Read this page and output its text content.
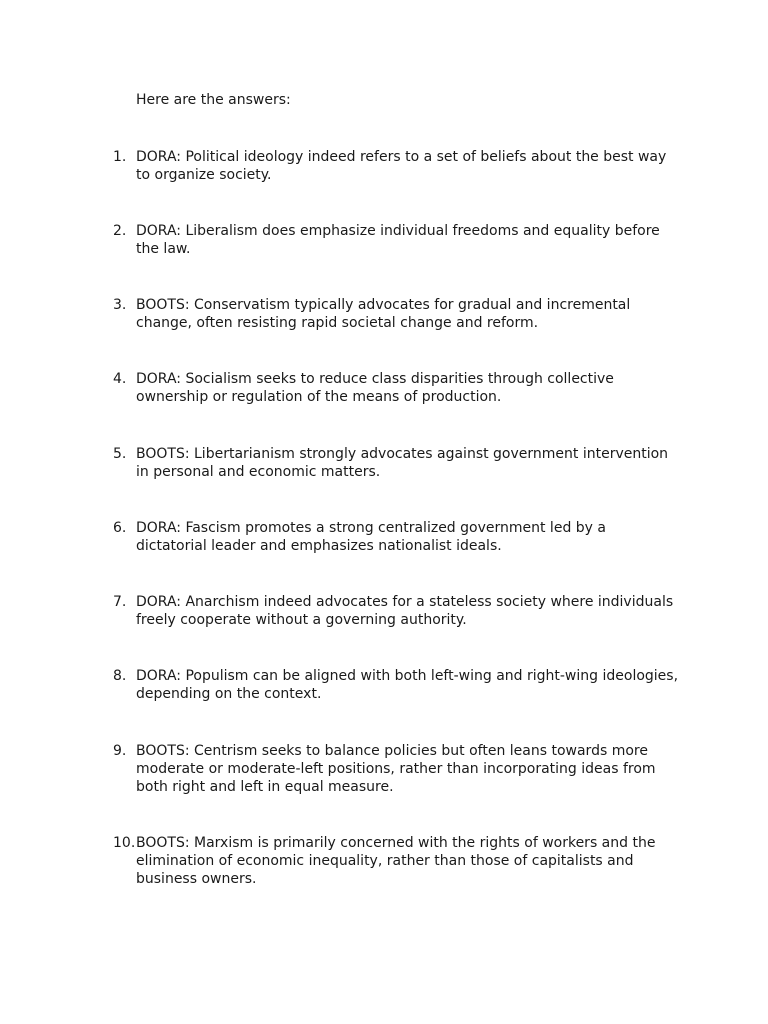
Here are the answers:

1. DORA: Political ideology indeed refers to a set of beliefs about the best way to organize society.
2. DORA: Liberalism does emphasize individual freedoms and equality before the law.
3. BOOTS: Conservatism typically advocates for gradual and incremental change, often resisting rapid societal change and reform.
4. DORA: Socialism seeks to reduce class disparities through collective ownership or regulation of the means of production.
5. BOOTS: Libertarianism strongly advocates against government intervention in personal and economic matters.
6. DORA: Fascism promotes a strong centralized government led by a dictatorial leader and emphasizes nationalist ideals.
7. DORA: Anarchism indeed advocates for a stateless society where individuals freely cooperate without a governing authority.
8. DORA: Populism can be aligned with both left-wing and right-wing ideologies, depending on the context.
9. BOOTS: Centrism seeks to balance policies but often leans towards more moderate or moderate-left positions, rather than incorporating ideas from both right and left in equal measure.
10. BOOTS: Marxism is primarily concerned with the rights of workers and the elimination of economic inequality, rather than those of capitalists and business owners.
